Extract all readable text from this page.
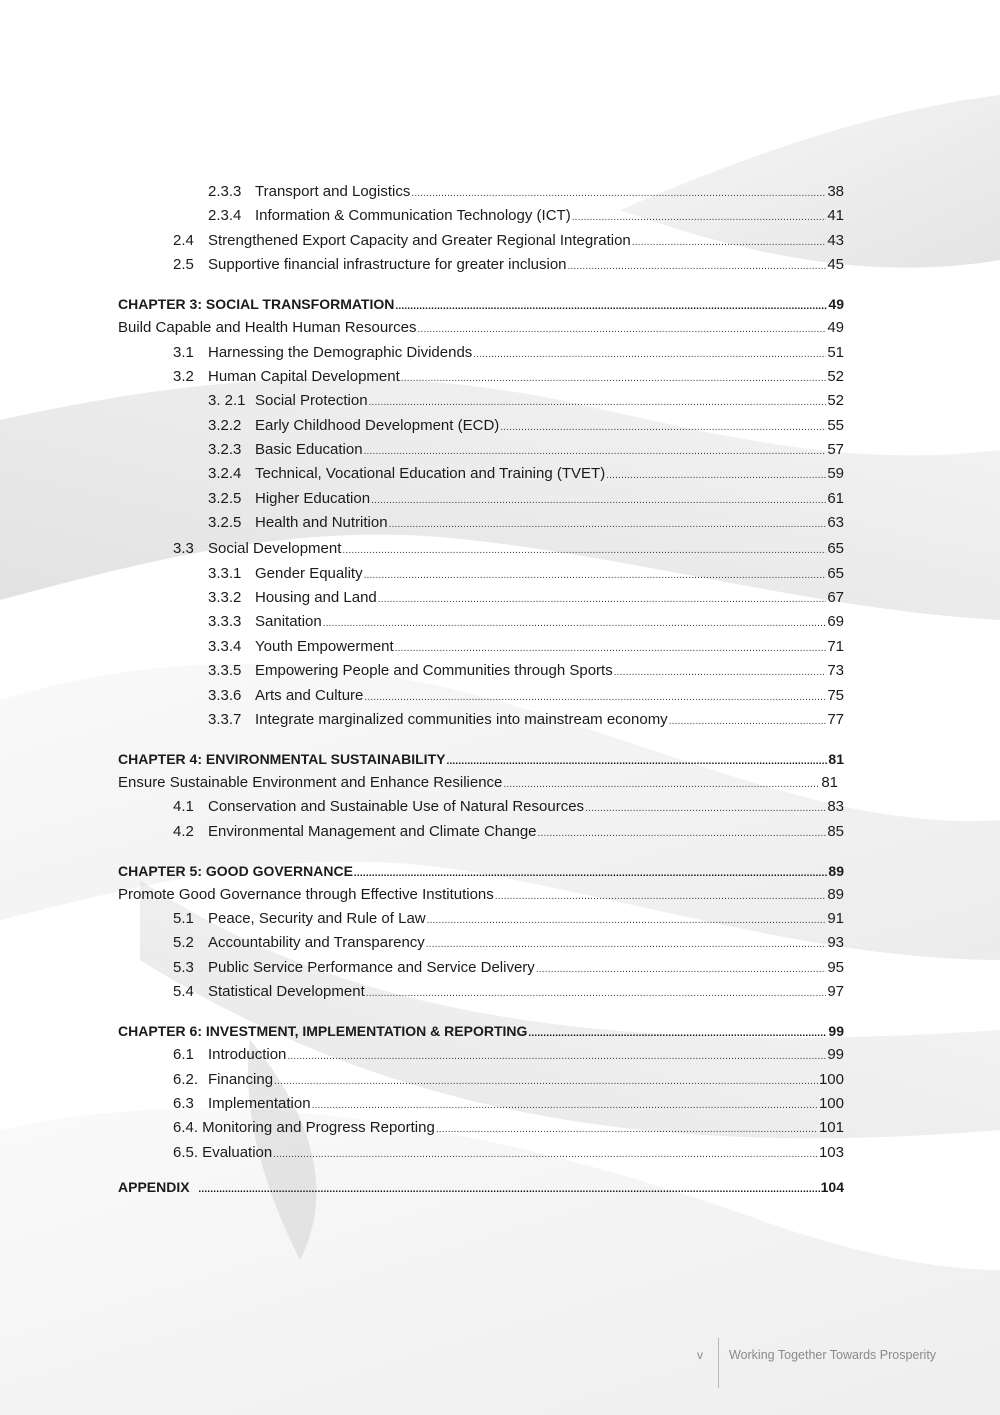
2.3.3 Transport and Logistics .....	38
2.3.4 Information & Communication Technology (ICT) .....	41
2.4 Strengthened Export Capacity and Greater Regional Integration .....	43
2.5 Supportive financial infrastructure for greater inclusion .....	45
CHAPTER 3: SOCIAL TRANSFORMATION .....	49
Build Capable and Health Human Resources .....	49
3.1 Harnessing the Demographic Dividends .....	51
3.2 Human Capital Development .....	52
3. 2.1 Social Protection .....	52
3.2.2 Early Childhood Development (ECD) .....	55
3.2.3 Basic Education .....	57
3.2.4 Technical, Vocational Education and Training (TVET) .....	59
3.2.5 Higher Education .....	61
3.2.5 Health and Nutrition .....	63
3.3 Social Development .....	65
3.3.1 Gender Equality .....	65
3.3.2 Housing and Land .....	67
3.3.3 Sanitation .....	69
3.3.4 Youth Empowerment .....	71
3.3.5 Empowering People and Communities through Sports .....	73
3.3.6 Arts and Culture .....	75
3.3.7 Integrate marginalized communities into mainstream economy .....	77
CHAPTER 4: ENVIRONMENTAL SUSTAINABILITY .....	81
Ensure Sustainable Environment and Enhance Resilience .....	81
4.1 Conservation and Sustainable Use of Natural Resources .....	83
4.2 Environmental Management and Climate Change .....	85
CHAPTER 5: GOOD GOVERNANCE .....	89
Promote Good Governance through Effective Institutions .....	89
5.1 Peace, Security and Rule of Law .....	91
5.2 Accountability and Transparency .....	93
5.3 Public Service Performance and Service Delivery .....	95
5.4 Statistical Development .....	97
CHAPTER 6: INVESTMENT, IMPLEMENTATION & REPORTING .....	99
6.1 Introduction .....	99
6.2. Financing .....	100
6.3 Implementation .....	100
6.4. Monitoring and Progress Reporting .....	101
6.5. Evaluation .....	103
APPENDIX .....	104
v	Working Together Towards Prosperity
